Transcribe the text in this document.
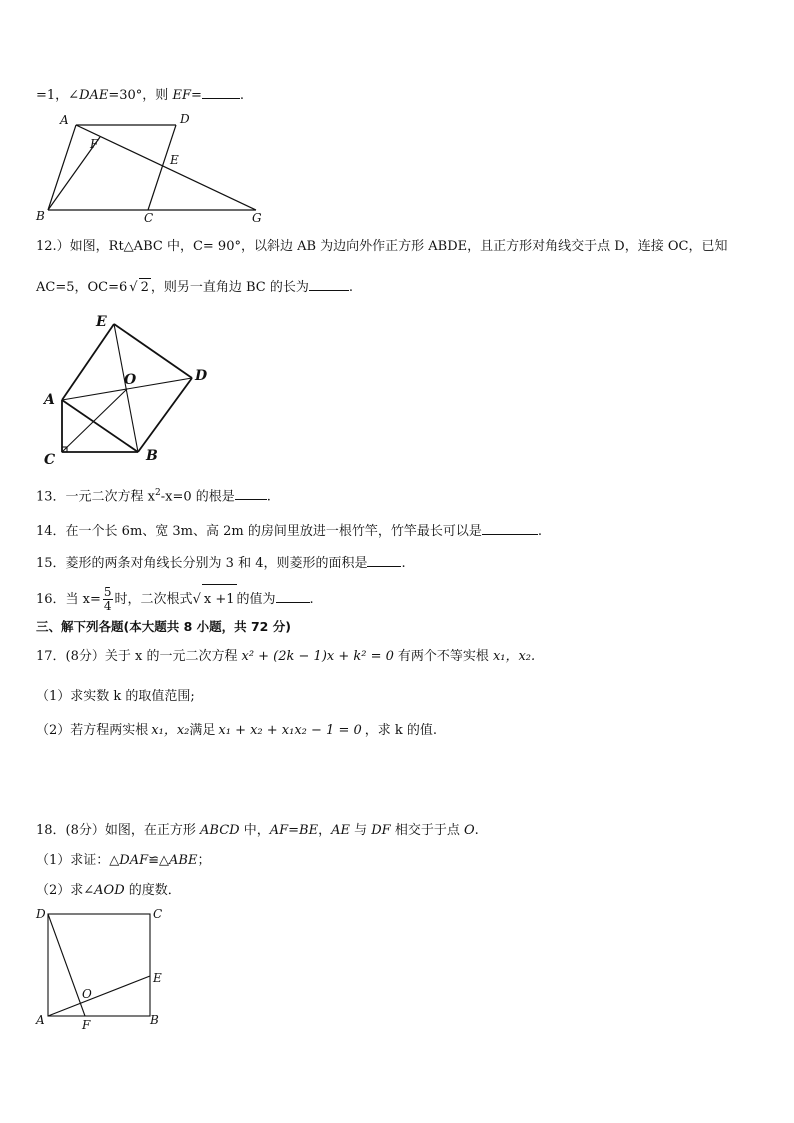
=1，∠DAE=30°，则 EF=	.
A	D
F
E
B	C	G
12.）如图，Rt△ABC 中，C= 90°，以斜边 AB 为边向外作正方形 ABDE，且正方形对角线交于点 D，连接 OC，已知
AC=5，OC=6 √ 2 ，则另一直角边 BC 的长为	.
E
O	D
A
C	B
13．一元二次方程 $x^2-x=0$ 的根是 .
14．在一个长 6m、宽 3m、高 2m 的房间里放进一根竹竿，竹竿最长可以是	.
15．菱形的两条对角线长分别为 3 和 4，则菱形的面积是	.
16．当 $x= \frac{5}{4}$ 时，二次根式√ x +1 的值为	.
三、解下列各题(本大题共 8 小题，共 72 分)
17．(8分）关于 x 的一元二次方程 x² + (2k − 1)x + k² = 0 有两个不等实根 x₁，x₂.
（1）求实数 k 的取值范围;
（2）若方程两实根 x₁，x₂满足 x₁ + x₂ + x₁x₂ − 1 = 0 ，求 k 的值.
18．(8分）如图，在正方形 ABCD 中，AF=BE，AE 与 DF 相交于于点 O.
（1）求证：△DAF≌△ABE；
（2）求∠AOD 的度数．
D	C
E
O
A	F	B
